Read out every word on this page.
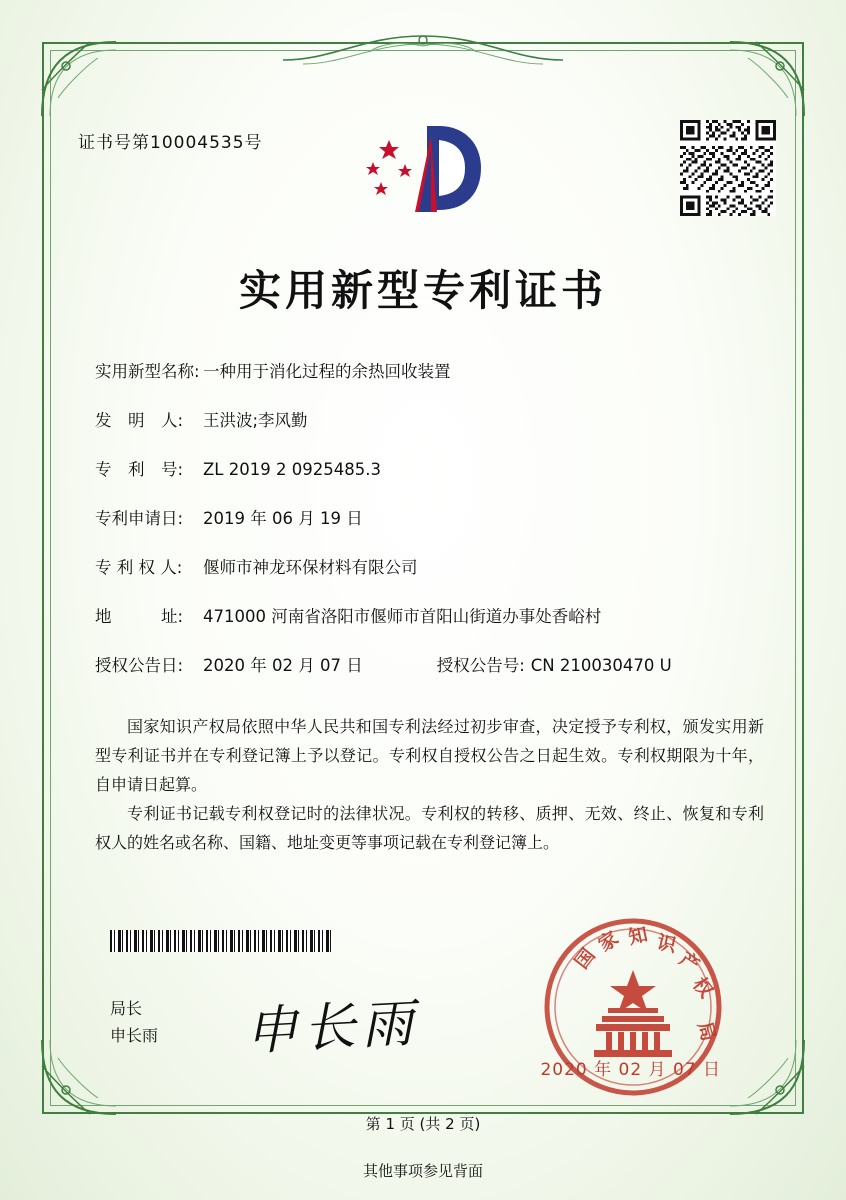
证书号第10004535号
实用新型专利证书
实用新型名称: 一种用于消化过程的余热回收装置
发　明　人:	王洪波;李风勤
专　利　号:	ZL 2019 2 0925485.3
专利申请日:	2019 年 06 月 19 日
专 利 权 人:	偃师市神龙环保材料有限公司
地　　　址:	471000 河南省洛阳市偃师市首阳山街道办事处香峪村
授权公告日:	2020 年 02 月 07 日	授权公告号: CN 210030470 U

国家知识产权局依照中华人民共和国专利法经过初步审查，决定授予专利权，颁发实用新型专利证书并在专利登记簿上予以登记。专利权自授权公告之日起生效。专利权期限为十年，自申请日起算。

专利证书记载专利权登记时的法律状况。专利权的转移、质押、无效、终止、恢复和专利权人的姓名或名称、国籍、地址变更等事项记载在专利登记簿上。

局长
申长雨 申长雨
国
家 知 识
产
权
局
2020 年 02 月 07 日
第 1 页 (共 2 页)
其他事项参见背面
